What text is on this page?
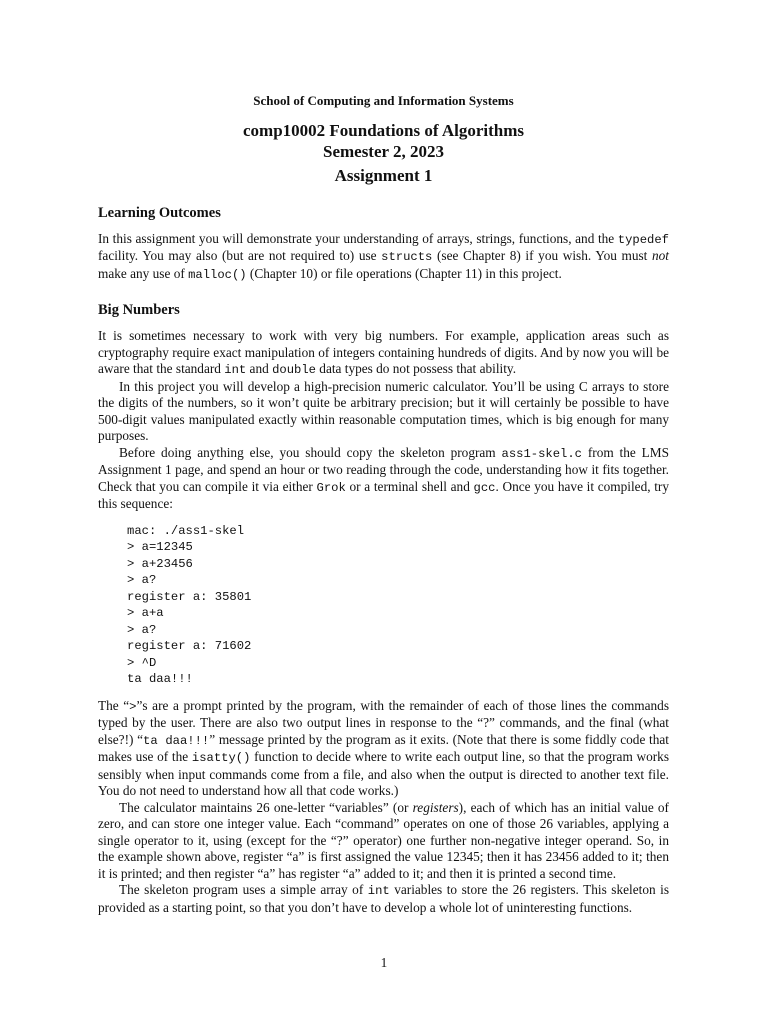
School of Computing and Information Systems
comp10002 Foundations of Algorithms
Semester 2, 2023
Assignment 1
Learning Outcomes

In this assignment you will demonstrate your understanding of arrays, strings, functions, and the typedef facility. You may also (but are not required to) use structs (see Chapter 8) if you wish. You must not make any use of malloc() (Chapter 10) or file operations (Chapter 11) in this project.

Big Numbers

It is sometimes necessary to work with very big numbers. For example, application areas such as cryptography require exact manipulation of integers containing hundreds of digits. And by now you will be aware that the standard int and double data types do not possess that ability.

In this project you will develop a high-precision numeric calculator. You’ll be using C arrays to store the digits of the numbers, so it won’t quite be arbitrary precision; but it will certainly be possible to have 500-digit values manipulated exactly within reasonable computation times, which is big enough for many purposes.

Before doing anything else, you should copy the skeleton program ass1-skel.c from the LMS Assignment 1 page, and spend an hour or two reading through the code, understanding how it fits together. Check that you can compile it via either Grok or a terminal shell and gcc. Once you have it compiled, try this sequence:

mac: ./ass1-skel
> a=12345
> a+23456
> a?
register a: 35801
> a+a
> a?
register a: 71602
> ^D
ta daa!!!

The “>”s are a prompt printed by the program, with the remainder of each of those lines the commands typed by the user. There are also two output lines in response to the “?” commands, and the final (what else?!) “ta daa!!!” message printed by the program as it exits. (Note that there is some fiddly code that makes use of the isatty() function to decide where to write each output line, so that the program works sensibly when input commands come from a file, and also when the output is directed to another text file. You do not need to understand how all that code works.)

The calculator maintains 26 one-letter “variables” (or registers), each of which has an initial value of zero, and can store one integer value. Each “command” operates on one of those 26 variables, applying a single operator to it, using (except for the “?” operator) one further non-negative integer operand. So, in the example shown above, register “a” is first assigned the value 12345; then it has 23456 added to it; then it is printed; and then register “a” has register “a” added to it; and then it is printed a second time.

The skeleton program uses a simple array of int variables to store the 26 registers. This skeleton is provided as a starting point, so that you don’t have to develop a whole lot of uninteresting functions.

1
